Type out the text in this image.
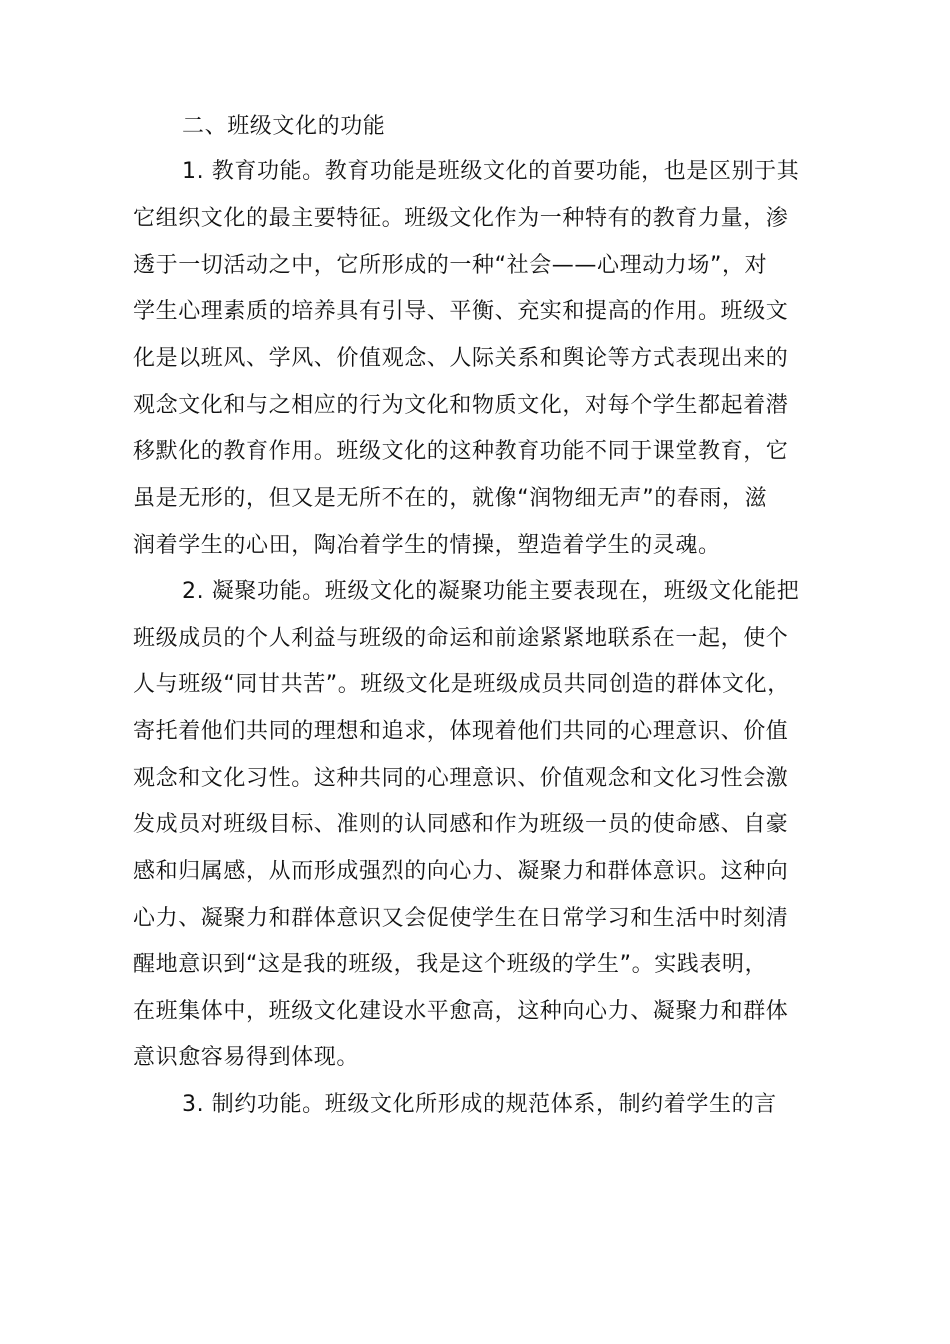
二、班级文化的功能
1. 教育功能。教育功能是班级文化的首要功能，也是区别于其
它组织文化的最主要特征。班级文化作为一种特有的教育力量，渗
透于一切活动之中，它所形成的一种“社会——心理动力场”，对
学生心理素质的培养具有引导、平衡、充实和提高的作用。班级文
化是以班风、学风、价值观念、人际关系和舆论等方式表现出来的
观念文化和与之相应的行为文化和物质文化，对每个学生都起着潜
移默化的教育作用。班级文化的这种教育功能不同于课堂教育，它
虽是无形的，但又是无所不在的，就像“润物细无声”的春雨，滋
润着学生的心田，陶冶着学生的情操，塑造着学生的灵魂。
2. 凝聚功能。班级文化的凝聚功能主要表现在，班级文化能把
班级成员的个人利益与班级的命运和前途紧紧地联系在一起，使个
人与班级“同甘共苦”。班级文化是班级成员共同创造的群体文化，
寄托着他们共同的理想和追求，体现着他们共同的心理意识、价值
观念和文化习性。这种共同的心理意识、价值观念和文化习性会激
发成员对班级目标、准则的认同感和作为班级一员的使命感、自豪
感和归属感，从而形成强烈的向心力、凝聚力和群体意识。这种向
心力、凝聚力和群体意识又会促使学生在日常学习和生活中时刻清
醒地意识到“这是我的班级，我是这个班级的学生”。实践表明，
在班集体中，班级文化建设水平愈高，这种向心力、凝聚力和群体
意识愈容易得到体现。
3. 制约功能。班级文化所形成的规范体系，制约着学生的言
